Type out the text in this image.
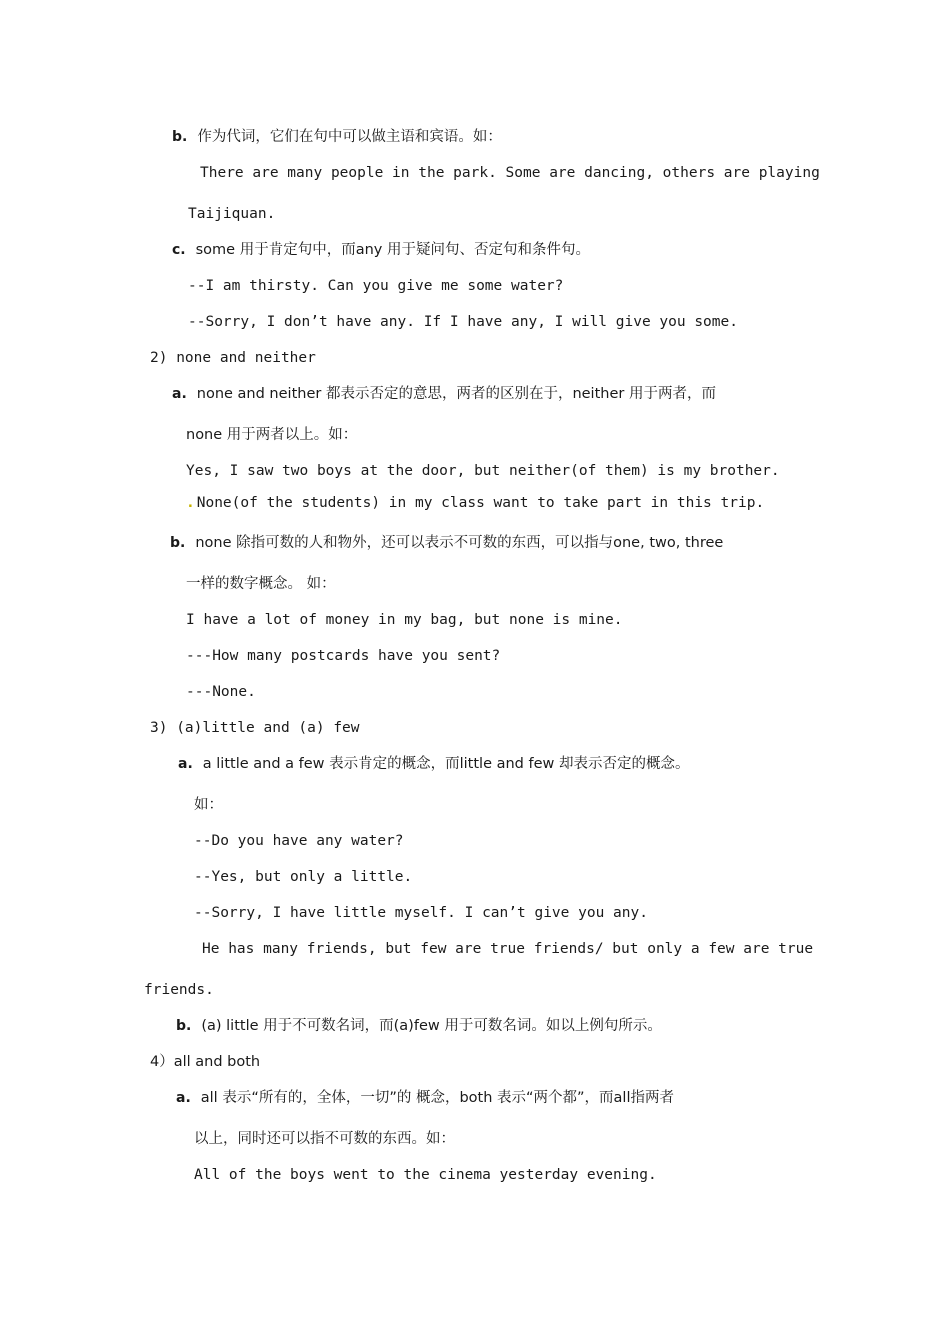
b. 作为代词，它们在句中可以做主语和宾语。如：
There are many people in the park. Some are dancing, others are playing
Taijiquan.
c. some 用于肯定句中，而any 用于疑问句、否定句和条件句。
--I am thirsty. Can you give me some water?
--Sorry, I don’t have any. If I have any, I will give you some.
2) none and neither
a. none and neither 都表示否定的意思，两者的区别在于，neither 用于两者，而
none 用于两者以上。如：
Yes, I saw two boys at the door, but neither(of them) is my brother.
. None(of the students) in my class want to take part in this trip.
b. none 除指可数的人和物外，还可以表示不可数的东西，可以指与one, two, three
一样的数字概念。 如：
I have a lot of money in my bag, but none is mine.
---How many postcards have you sent?
---None.
3) (a)little and (a) few
a. a little and a few 表示肯定的概念，而little and few 却表示否定的概念。
如：
--Do you have any water?
--Yes, but only a little.
--Sorry, I have little myself. I can’t give you any.
He has many friends, but few are true friends/ but only a few are true
friends.
b. (a) little 用于不可数名词，而(a)few 用于可数名词。如以上例句所示。
4）all and both
a. all 表示“所有的，全体，一切”的 概念，both 表示“两个都”，而all指两者
以上，同时还可以指不可数的东西。如：
All of the boys went to the cinema yesterday evening.
